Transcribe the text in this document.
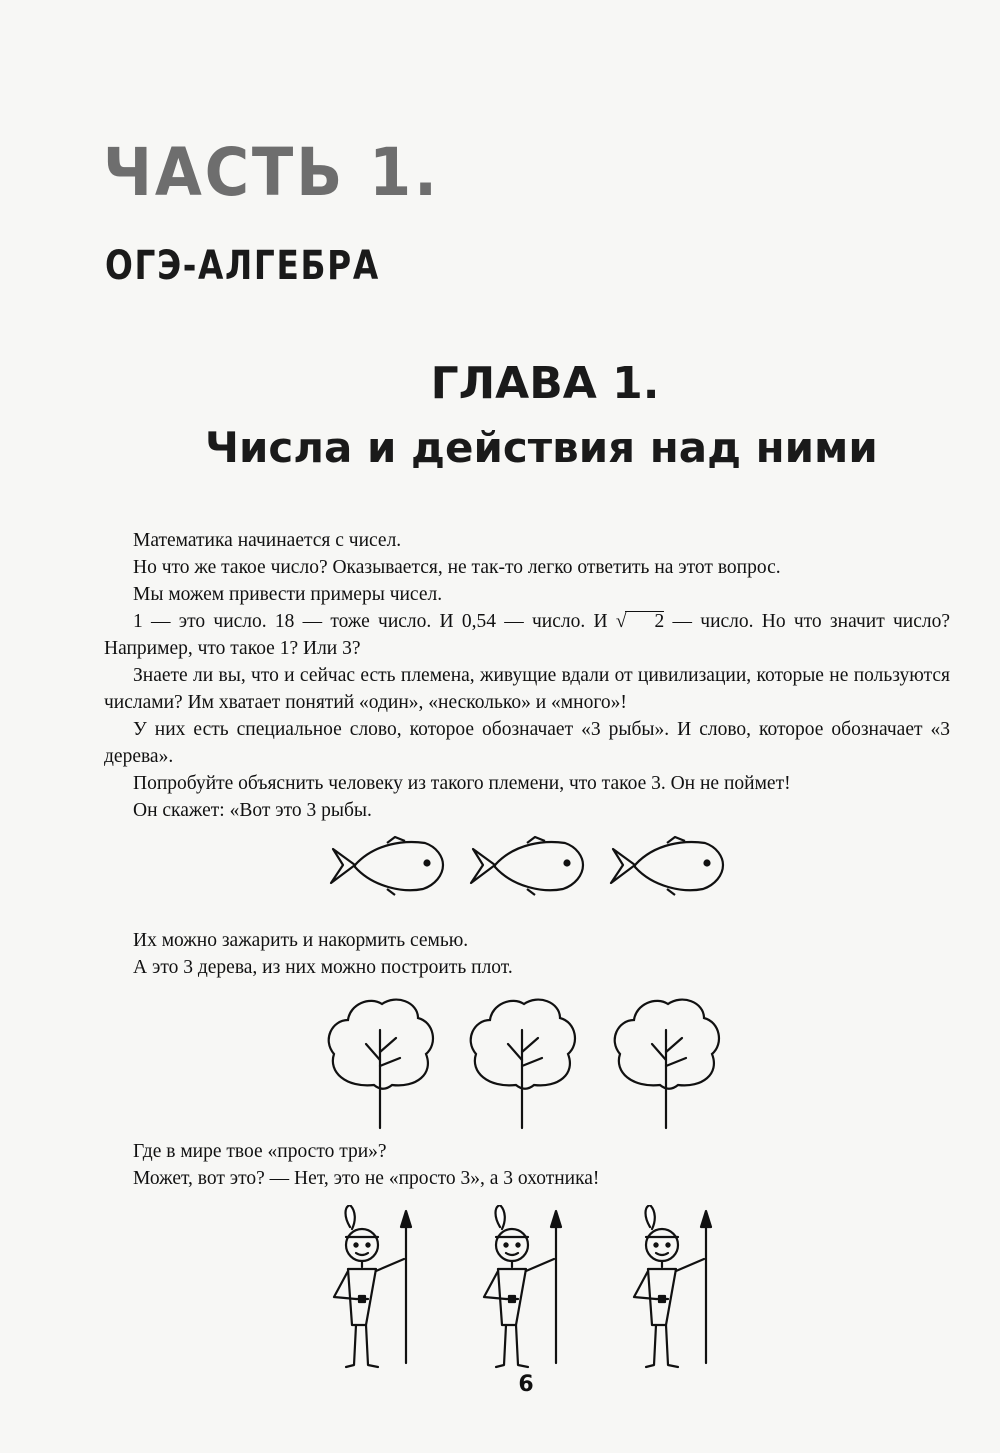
ЧАСТЬ 1.
ОГЭ-АЛГЕБРА
ГЛАВА 1.
Числа и действия над ними

Математика начинается с чисел.

Но что же такое число? Оказывается, не так-то легко ответить на этот вопрос.

Мы можем привести примеры чисел.

1 — это число. 18 — тоже число. И 0,54 — число. И √ 2 — число. Но что значит число? Например, что такое 1? Или 3?

Знаете ли вы, что и сейчас есть племена, живущие вдали от цивилизации, которые не пользуются числами? Им хватает понятий «один», «несколько» и «много»!

У них есть специальное слово, которое обозначает «3 рыбы». И слово, которое обозначает «3 дерева».

Попробуйте объяснить человеку из такого племени, что такое 3. Он не поймет!

Он скажет: «Вот это 3 рыбы.

Их можно зажарить и накормить семью.

А это 3 дерева, из них можно построить плот.

Где в мире твое «просто три»?

Может, вот это? — Нет, это не «просто 3», а 3 охотника!

6
